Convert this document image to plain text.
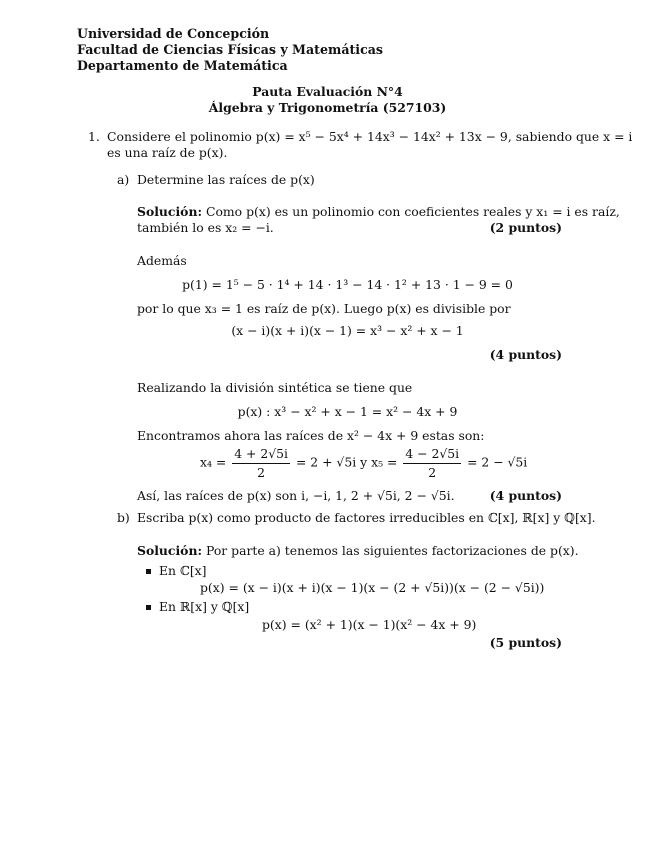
Universidad de Concepción
Facultad de Ciencias Físicas y Matemáticas
Departamento de Matemática
Pauta Evaluación N°4
Álgebra y Trigonometría (527103)
1. Considere el polinomio p(x) = x⁵ − 5x⁴ + 14x³ − 14x² + 13x − 9, sabiendo que x = i
es una raíz de p(x).
a) Determine las raíces de p(x)
Solución: Como p(x) es un polinomio con coeficientes reales y x₁ = i es raíz,
también lo es x₂ = −i.	(2 puntos)
Además
p(1) = 1⁵ − 5 · 1⁴ + 14 · 1³ − 14 · 1² + 13 · 1 − 9 = 0
por lo que x₃ = 1 es raíz de p(x). Luego p(x) es divisible por
(x − i)(x + i)(x − 1) = x³ − x² + x − 1
(4 puntos)
Realizando la división sintética se tiene que
p(x) : x³ − x² + x − 1 = x² − 4x + 9
Encontramos ahora las raíces de x² − 4x + 9 estas son:
$x_4 = \frac{4 + 2√5i}{2} = 2 + √5i$ y $x_5 = \frac{4 - 2√5i}{2} = 2 - √5i$
Así, las raíces de p(x) son i, −i, 1, 2 + √5i, 2 − √5i.	(4 puntos)
b) Escriba p(x) como producto de factores irreducibles en ℂ[x], ℝ[x] y ℚ[x].
Solución: Por parte a) tenemos las siguientes factorizaciones de p(x).
En ℂ[x]
p(x) = (x − i)(x + i)(x − 1)(x − (2 + √5i))(x − (2 − √5i))
En ℝ[x] y ℚ[x]
p(x) = (x² + 1)(x − 1)(x² − 4x + 9)
(5 puntos)
